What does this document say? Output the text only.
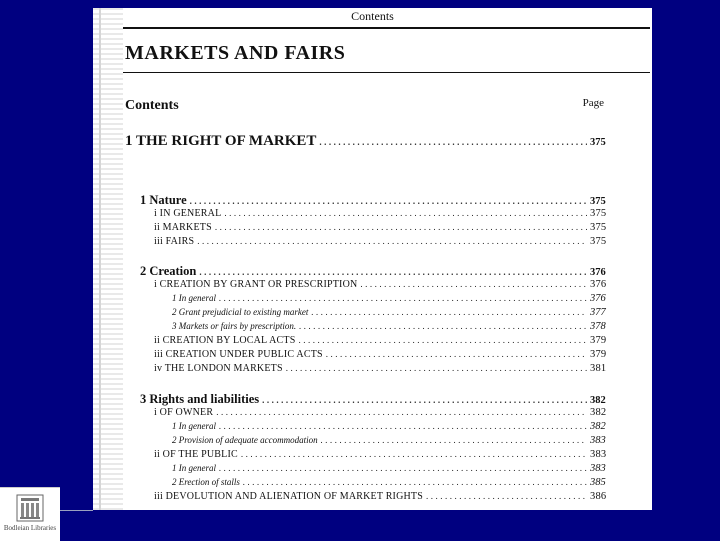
Contents
MARKETS AND FAIRS
Contents	Page
1 THE RIGHT OF MARKET .....	375
1 Nature .....	375
i IN GENERAL .....	375
ii MARKETS .....	375
iii FAIRS .....	375
2 Creation .....	376
i CREATION BY GRANT OR PRESCRIPTION .....	376
1 In general .....	376
2 Grant prejudicial to existing market .....	377
3 Markets or fairs by prescription. .....	378
ii CREATION BY LOCAL ACTS .....	379
iii CREATION UNDER PUBLIC ACTS .....	379
iv THE LONDON MARKETS .....	381
3 Rights and liabilities .....	382
i OF OWNER .....	382
1 In general .....	382
2 Provision of adequate accommodation .....	383
ii OF THE PUBLIC .....	383
1 In general .....	383
2 Erection of stalls .....	385
iii DEVOLUTION AND ALIENATION OF MARKET RIGHTS .....	386
Bodleian Libraries
